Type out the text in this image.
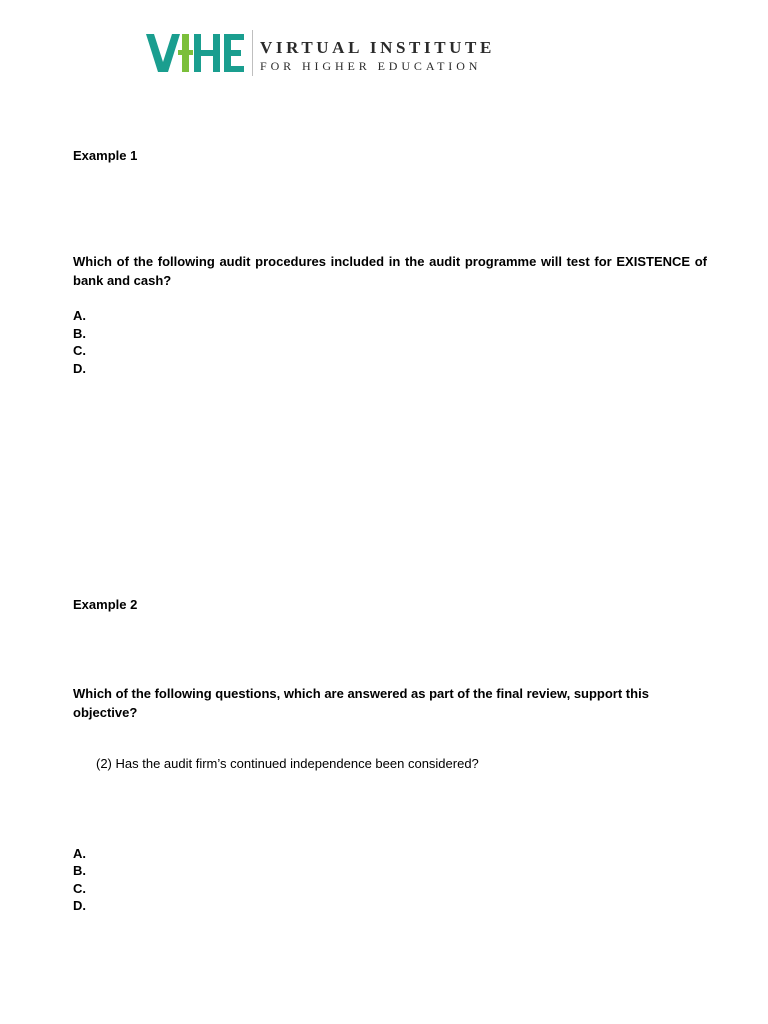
VIRTUAL INSTITUTE
FOR HIGHER EDUCATION
Example 1
Which of the following audit procedures included in the audit programme will test for EXISTENCE of bank and cash?
A.
B.
C.
D.
Example 2
Which of the following questions, which are answered as part of the final review, support this objective?
(2) Has the audit firm’s continued independence been considered?
A.
B.
C.
D.
